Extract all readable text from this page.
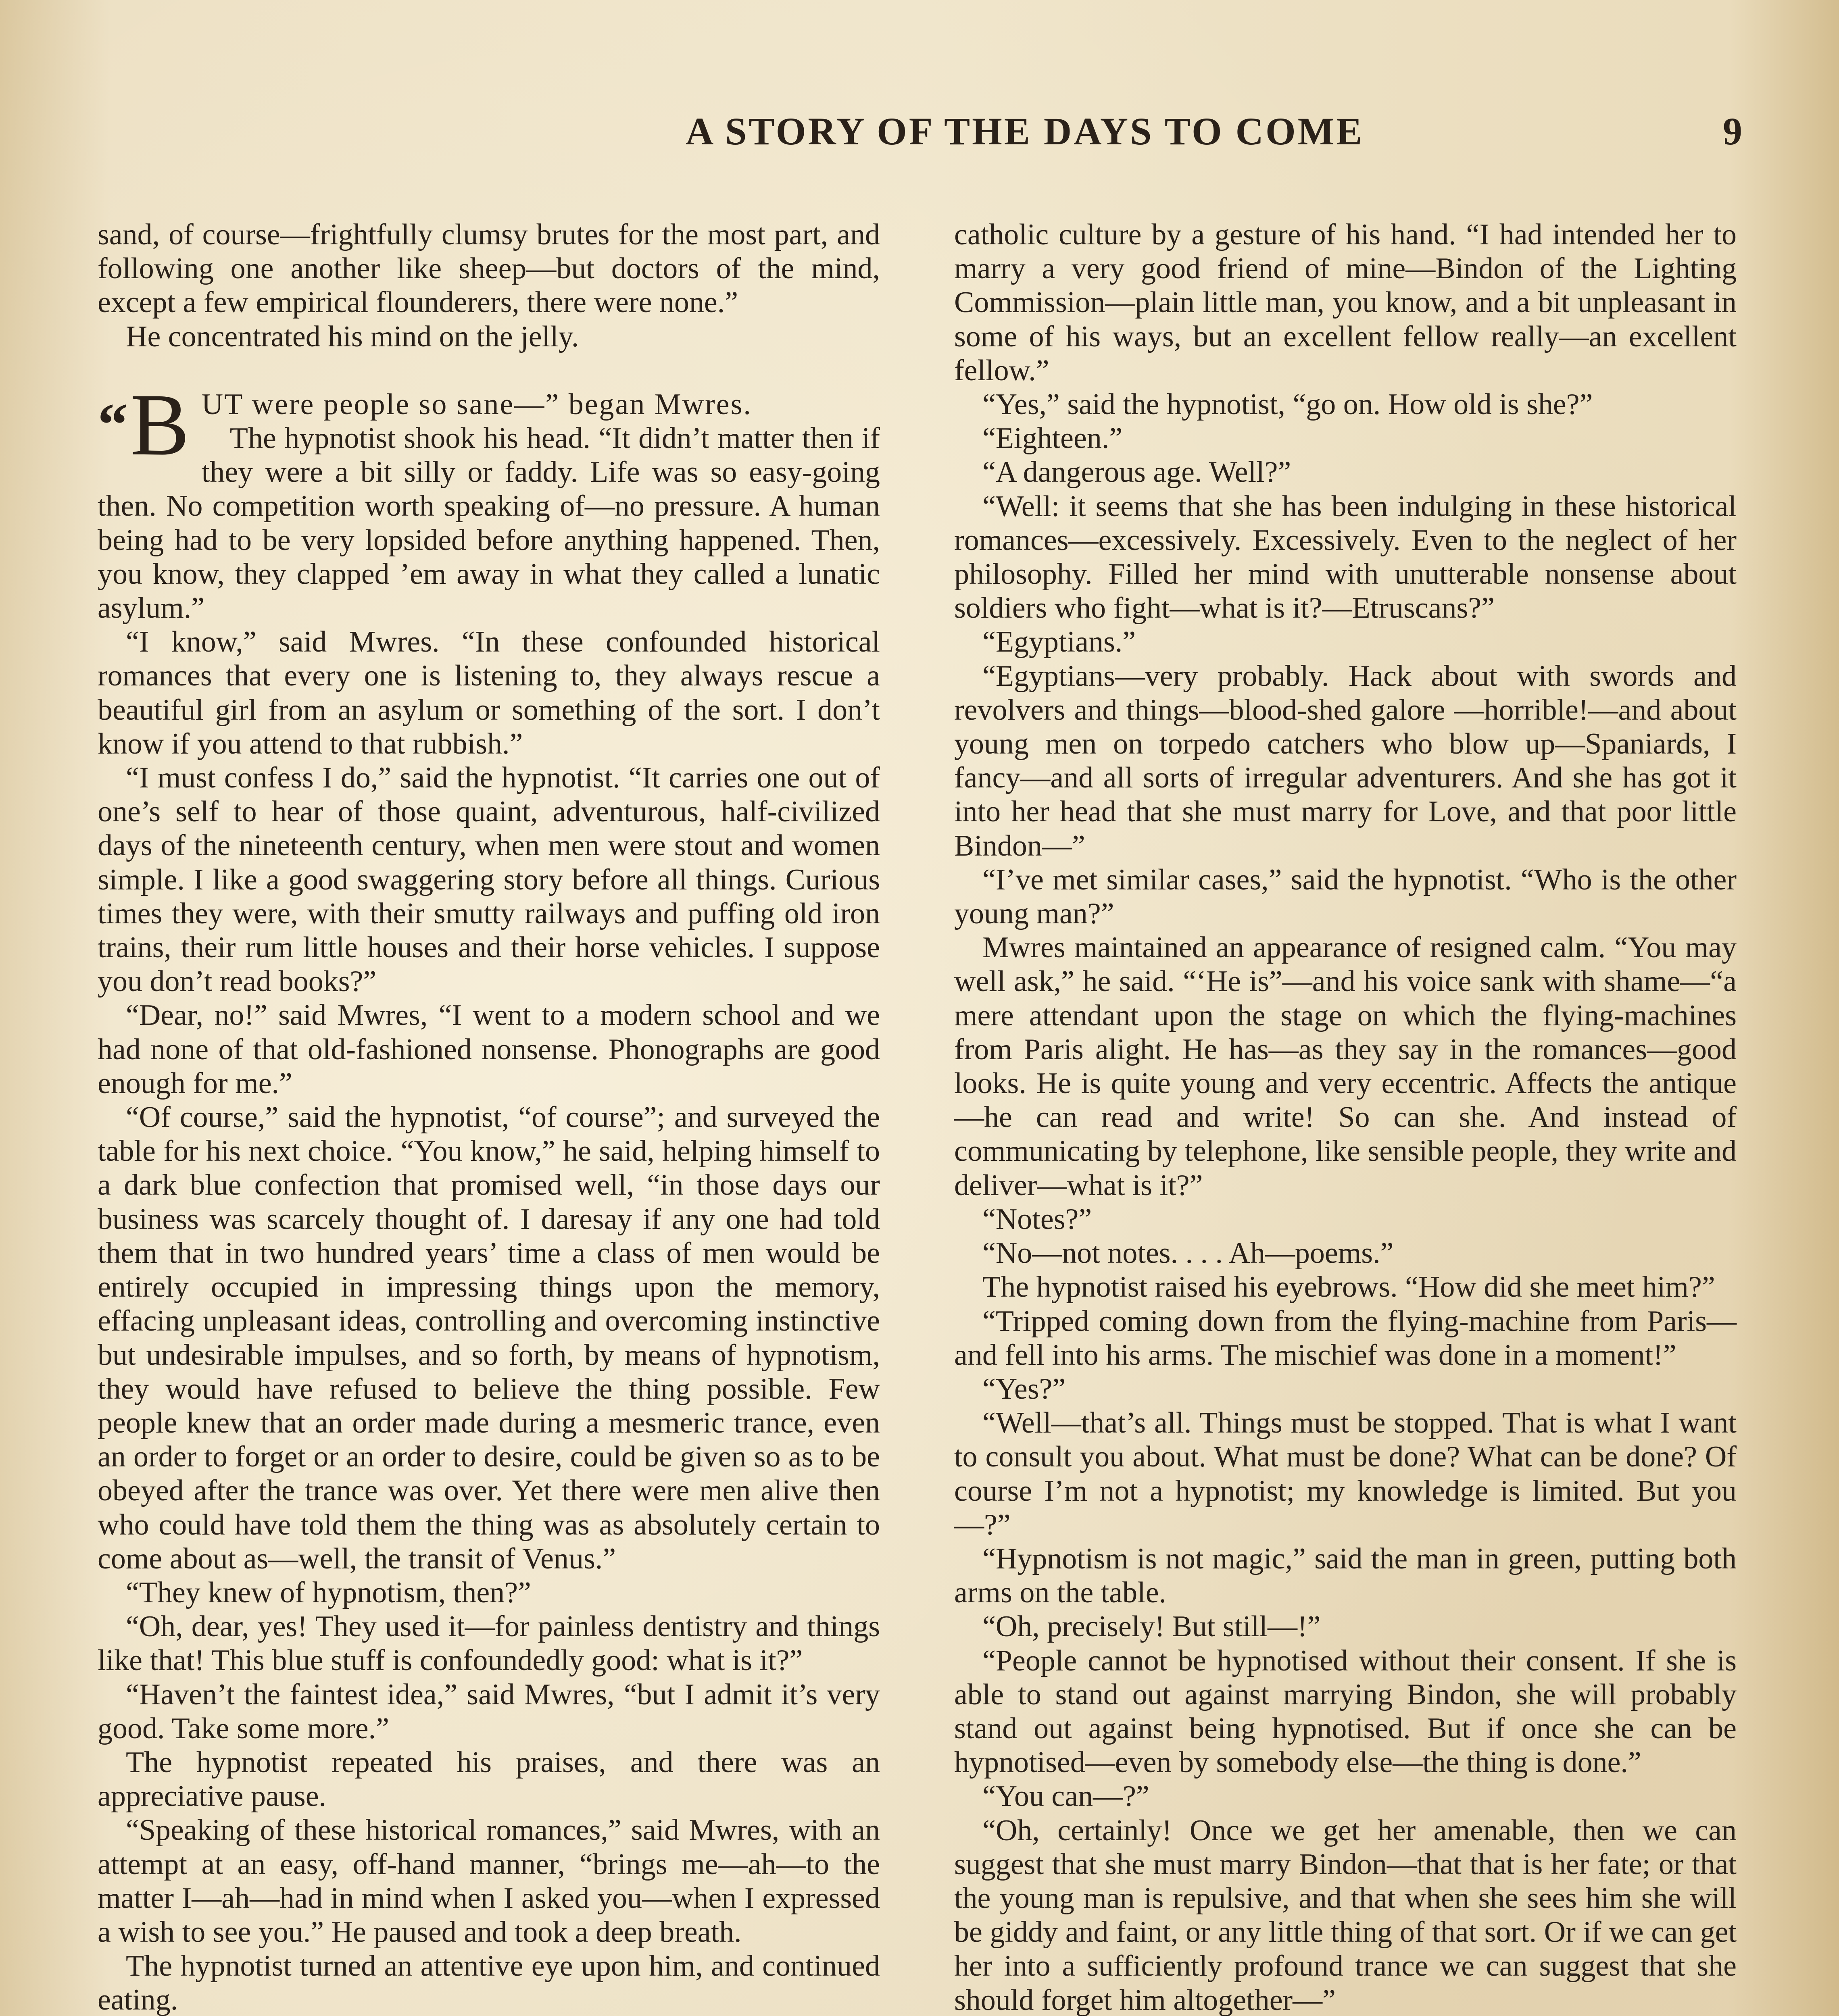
A STORY OF THE DAYS TO COME	9

sand, of course—frightfully clumsy brutes for the most part, and following one another like sheep—but doctors of the mind, except a few empirical flounderers, there were none.”

He concentrated his mind on the jelly.

“B UT were people so sane—” began Mwres.

The hypnotist shook his head. “It didn’t matter then if they were a bit silly or faddy. Life was so easy-going then. No competition worth speaking of—no pressure. A human being had to be very lopsided before anything happened. Then, you know, they clapped ’em away in what they called a lunatic asylum.”

“I know,” said Mwres. “In these confounded historical romances that every one is listening to, they always rescue a beautiful girl from an asylum or something of the sort. I don’t know if you attend to that rubbish.”

“I must confess I do,” said the hypnotist. “It carries one out of one’s self to hear of those quaint, adventurous, half-civilized days of the nineteenth century, when men were stout and women simple. I like a good swaggering story before all things. Curious times they were, with their smutty railways and puffing old iron trains, their rum little houses and their horse vehicles. I suppose you don’t read books?”

“Dear, no!” said Mwres, “I went to a modern school and we had none of that old-fashioned nonsense. Phonographs are good enough for me.”

“Of course,” said the hypnotist, “of course”; and surveyed the table for his next choice. “You know,” he said, helping himself to a dark blue confection that promised well, “in those days our business was scarcely thought of. I daresay if any one had told them that in two hundred years’ time a class of men would be entirely occupied in impressing things upon the memory, effacing unpleasant ideas, controlling and overcoming instinctive but undesirable impulses, and so forth, by means of hypnotism, they would have refused to believe the thing possible. Few people knew that an order made during a mesmeric trance, even an order to forget or an order to desire, could be given so as to be obeyed after the trance was over. Yet there were men alive then who could have told them the thing was as absolutely certain to come about as—well, the transit of Venus.”

“They knew of hypnotism, then?”

“Oh, dear, yes! They used it—for painless dentistry and things like that! This blue stuff is confoundedly good: what is it?”

“Haven’t the faintest idea,” said Mwres, “but I admit it’s very good. Take some more.”

The hypnotist repeated his praises, and there was an appreciative pause.

“Speaking of these historical romances,” said Mwres, with an attempt at an easy, off-hand manner, “brings me—ah—to the matter I—ah—had in mind when I asked you—when I expressed a wish to see you.” He paused and took a deep breath.

The hypnotist turned an attentive eye upon him, and continued eating.

catholic culture by a gesture of his hand. “I had intended her to marry a very good friend of mine—Bindon of the Lighting Commission—plain little man, you know, and a bit unpleasant in some of his ways, but an excellent fellow really—an excellent fellow.”

“Yes,” said the hypnotist, “go on. How old is she?”

“Eighteen.”

“A dangerous age. Well?”

“Well: it seems that she has been indulging in these historical romances—excessively. Excessively. Even to the neglect of her philosophy. Filled her mind with unutterable nonsense about soldiers who fight—what is it?—Etruscans?”

“Egyptians.”

“Egyptians—very probably. Hack about with swords and revolvers and things—blood-shed galore —horrible!—and about young men on torpedo catchers who blow up—Spaniards, I fancy—and all sorts of irregular adventurers. And she has got it into her head that she must marry for Love, and that poor little Bindon—”

“I’ve met similar cases,” said the hypnotist. “Who is the other young man?”

Mwres maintained an appearance of resigned calm. “You may well ask,” he said. “‘He is”—and his voice sank with shame—“a mere attendant upon the stage on which the flying-machines from Paris alight. He has—as they say in the romances—good looks. He is quite young and very eccentric. Affects the antique—he can read and write! So can she. And instead of communicating by telephone, like sensible people, they write and deliver—what is it?”

“Notes?”

“No—not notes. . . . Ah—poems.”

The hypnotist raised his eyebrows. “How did she meet him?”

“Tripped coming down from the flying-machine from Paris—and fell into his arms. The mischief was done in a moment!”

“Yes?”

“Well—that’s all. Things must be stopped. That is what I want to consult you about. What must be done? What can be done? Of course I’m not a hypnotist; my knowledge is limited. But you—?”

“Hypnotism is not magic,” said the man in green, putting both arms on the table.

“Oh, precisely! But still—!”

“People cannot be hypnotised without their consent. If she is able to stand out against marrying Bindon, she will probably stand out against being hypnotised. But if once she can be hypnotised—even by somebody else—the thing is done.”

“You can—?”

“Oh, certainly! Once we get her amenable, then we can suggest that she must marry Bindon—that that is her fate; or that the young man is repulsive, and that when she sees him she will be giddy and faint, or any little thing of that sort. Or if we can get her into a sufficiently profound trance we can suggest that she should forget him altogether—”
